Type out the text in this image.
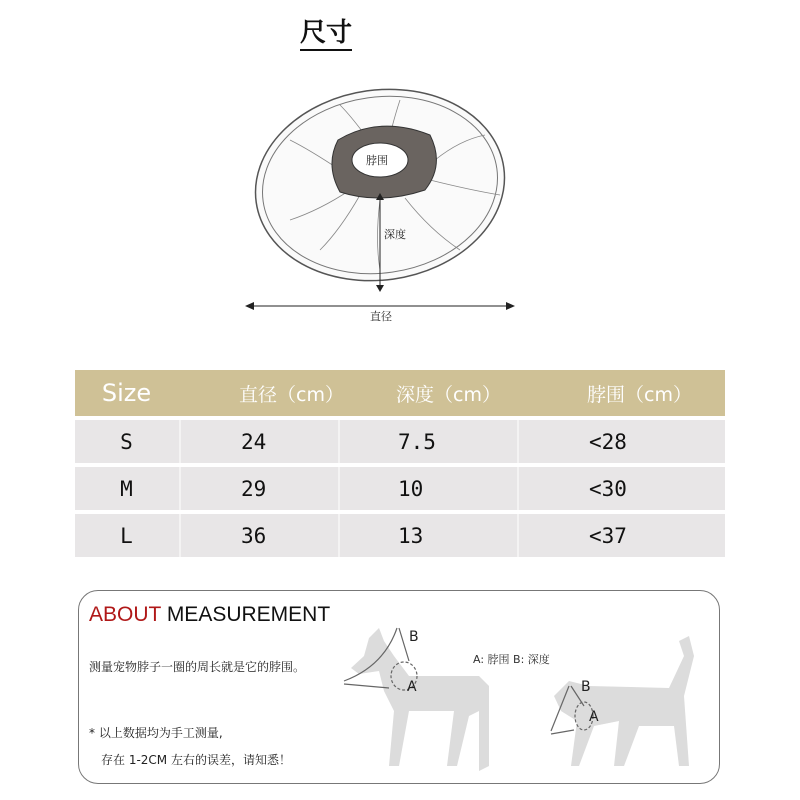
尺寸
脖围
深度
直径
Size	直径（cm）	深度（cm）	脖围（cm）
S	24	7.5	<28
M	29	10	<30
L	36	13	<37
ABOUT MEASUREMENT
测量宠物脖子一圈的周长就是它的脖围。
* 以上数据均为手工测量,
存在 1-2CM 左右的误差，请知悉！
A: 脖围 B: 深度
B
A	B
A
